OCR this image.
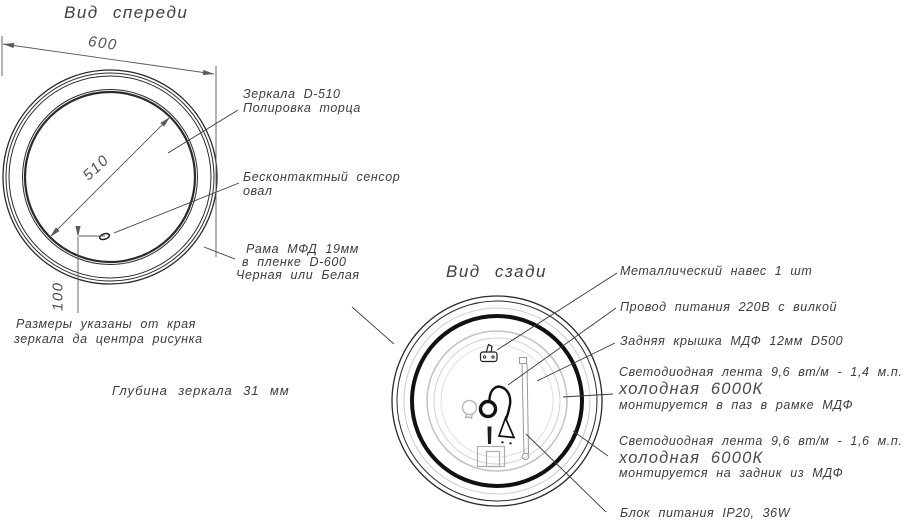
Вид спереди
Вид сзади
600
510
100
Зеркала D-510
Полировка торца
Бесконтактный сенсор
овал
Рама МФД 19мм
в пленке D-600
Черная или Белая
Размеры указаны от края
зеркала да центра рисунка
Глубина зеркала 31 мм
Металлический навес 1 шт
Провод питания 220В с вилкой
Задняя крышка МДФ 12мм D500
Светодиодная лента 9,6 вт/м - 1,4 м.п.
холодная 6000К
монтируется в паз в рамке МДФ
Светодиодная лента 9,6 вт/м - 1,6 м.п.
холодная 6000К
монтируется на задник из МДФ
Блок питания IP20, 36W
